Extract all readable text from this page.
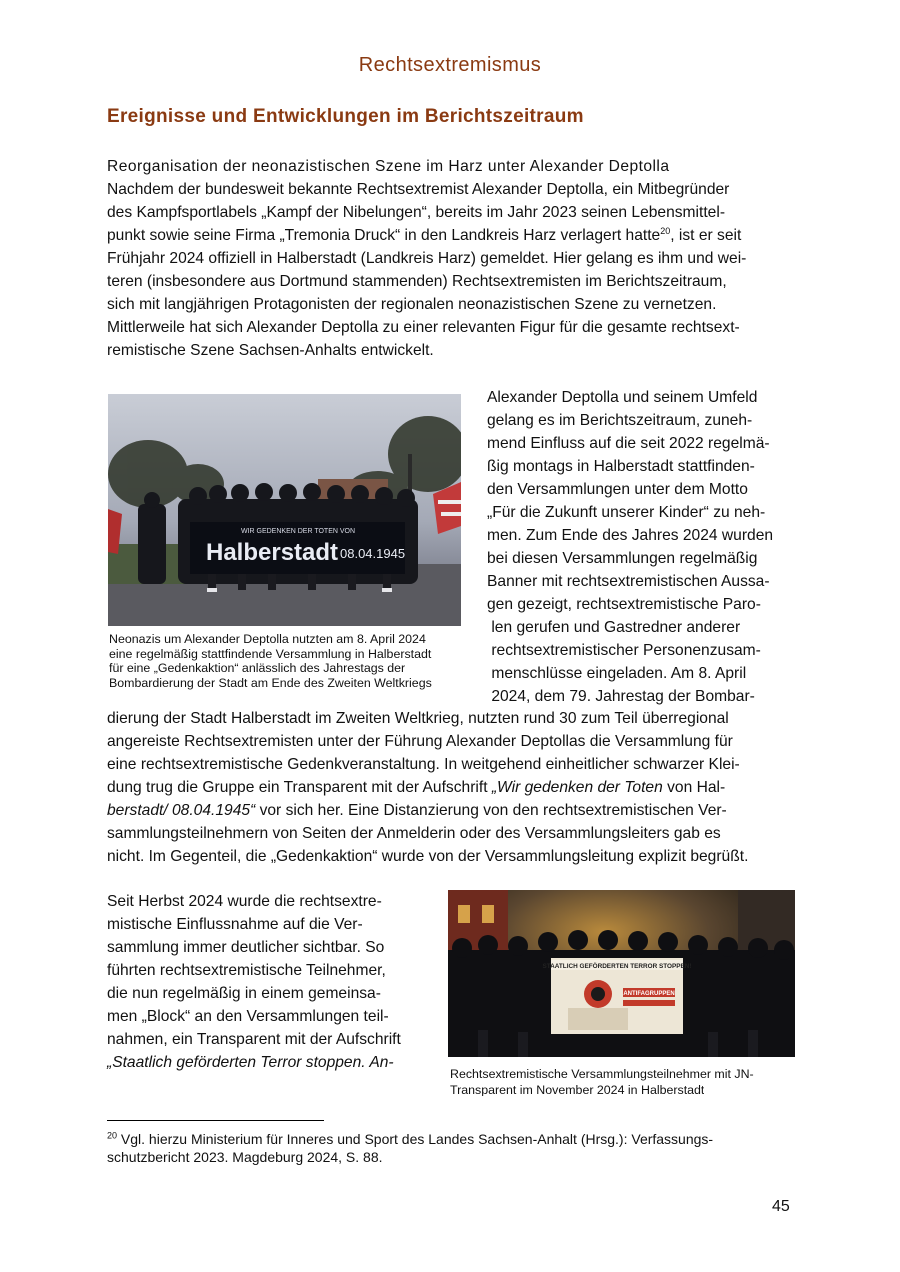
Rechtsextremismus
Ereignisse und Entwicklungen im Berichtszeitraum

Reorganisation der neonazistischen Szene im Harz unter Alexander Deptolla

Nachdem der bundesweit bekannte Rechtsextremist Alexander Deptolla, ein Mitbegründer

des Kampfsportlabels „Kampf der Nibelungen“, bereits im Jahr 2023 seinen Lebensmittel-

punkt sowie seine Firma „Tremonia Druck“ in den Landkreis Harz verlagert hatte$^{20}$, ist er seit

Frühjahr 2024 offiziell in Halberstadt (Landkreis Harz) gemeldet. Hier gelang es ihm und wei-

teren (insbesondere aus Dortmund stammenden) Rechtsextremisten im Berichtszeitraum,

sich mit langjährigen Protagonisten der regionalen neonazistischen Szene zu vernetzen.

Mittlerweile hat sich Alexander Deptolla zu einer relevanten Figur für die gesamte rechtsext-

remistische Szene Sachsen-Anhalts entwickelt.

WIR GEDENKEN DER TOTEN VON
Halberstadt 08.04.1945
Neonazis um Alexander Deptolla nutzten am 8. April 2024
eine regelmäßig stattfindende Versammlung in Halberstadt
für eine „Gedenkaktion“ anlässlich des Jahrestags der
Bombardierung der Stadt am Ende des Zweiten Weltkriegs

Alexander Deptolla und seinem Umfeld

gelang es im Berichtszeitraum, zuneh-

mend Einfluss auf die seit 2022 regelmä-

ßig montags in Halberstadt stattfinden-

den Versammlungen unter dem Motto

„Für die Zukunft unserer Kinder“ zu neh-

men. Zum Ende des Jahres 2024 wurden

bei diesen Versammlungen regelmäßig

Banner mit rechtsextremistischen Aussa-

gen gezeigt, rechtsextremistische Paro-

len gerufen und Gastredner anderer

rechtsextremistischer Personenzusam-

menschlüsse eingeladen. Am 8. April

2024, dem 79. Jahrestag der Bombar-

dierung der Stadt Halberstadt im Zweiten Weltkrieg, nutzten rund 30 zum Teil überregional

angereiste Rechtsextremisten unter der Führung Alexander Deptollas die Versammlung für

eine rechtsextremistische Gedenkveranstaltung. In weitgehend einheitlicher schwarzer Klei-

dung trug die Gruppe ein Transparent mit der Aufschrift „Wir gedenken der Toten von Hal-

berstadt/ 08.04.1945“ vor sich her. Eine Distanzierung von den rechtsextremistischen Ver-

sammlungsteilnehmern von Seiten der Anmelderin oder des Versammlungsleiters gab es

nicht. Im Gegenteil, die „Gedenkaktion“ wurde von der Versammlungsleitung explizit begrüßt.

Seit Herbst 2024 wurde die rechtsextre-

mistische Einflussnahme auf die Ver-

sammlung immer deutlicher sichtbar. So

führten rechtsextremistische Teilnehmer,

die nun regelmäßig in einem gemeinsa-

men „Block“ an den Versammlungen teil-

nahmen, ein Transparent mit der Aufschrift

„Staatlich geförderten Terror stoppen. An-

STAATLICH GEFÖRDERTEN TERROR STOPPEN!
ANTIFAGRUPPEN
Rechtsextremistische Versammlungsteilnehmer mit JN-
Transparent im November 2024 in Halberstadt
$^{20}$ Vgl. hierzu Ministerium für Inneres und Sport des Landes Sachsen-Anhalt (Hrsg.): Verfassungs-
schutzbericht 2023. Magdeburg 2024, S. 88.
45
